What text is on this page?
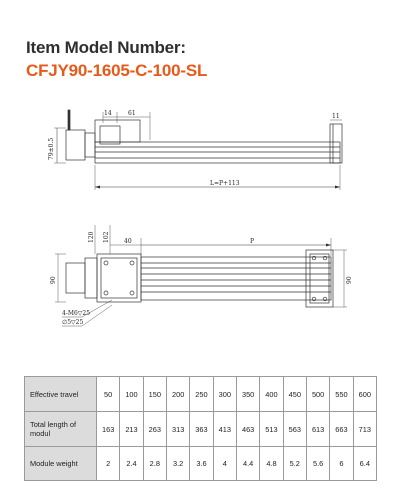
Item Model Number:
CFJY90-1605-C-100-SL
14	61	11
79±0.5
L=P+113
120 102 40	P
90	90
4-M6▽25
∅5▽25
Effective travel	50	100	150	200	250	300	350	400	450	500	550	600
Total length of modul	163	213	263	313	363	413	463	513	563	613	663	713
Module weight	2	2.4	2.8	3.2	3.6	4	4.4	4.8	5.2	5.6	6	6.4
